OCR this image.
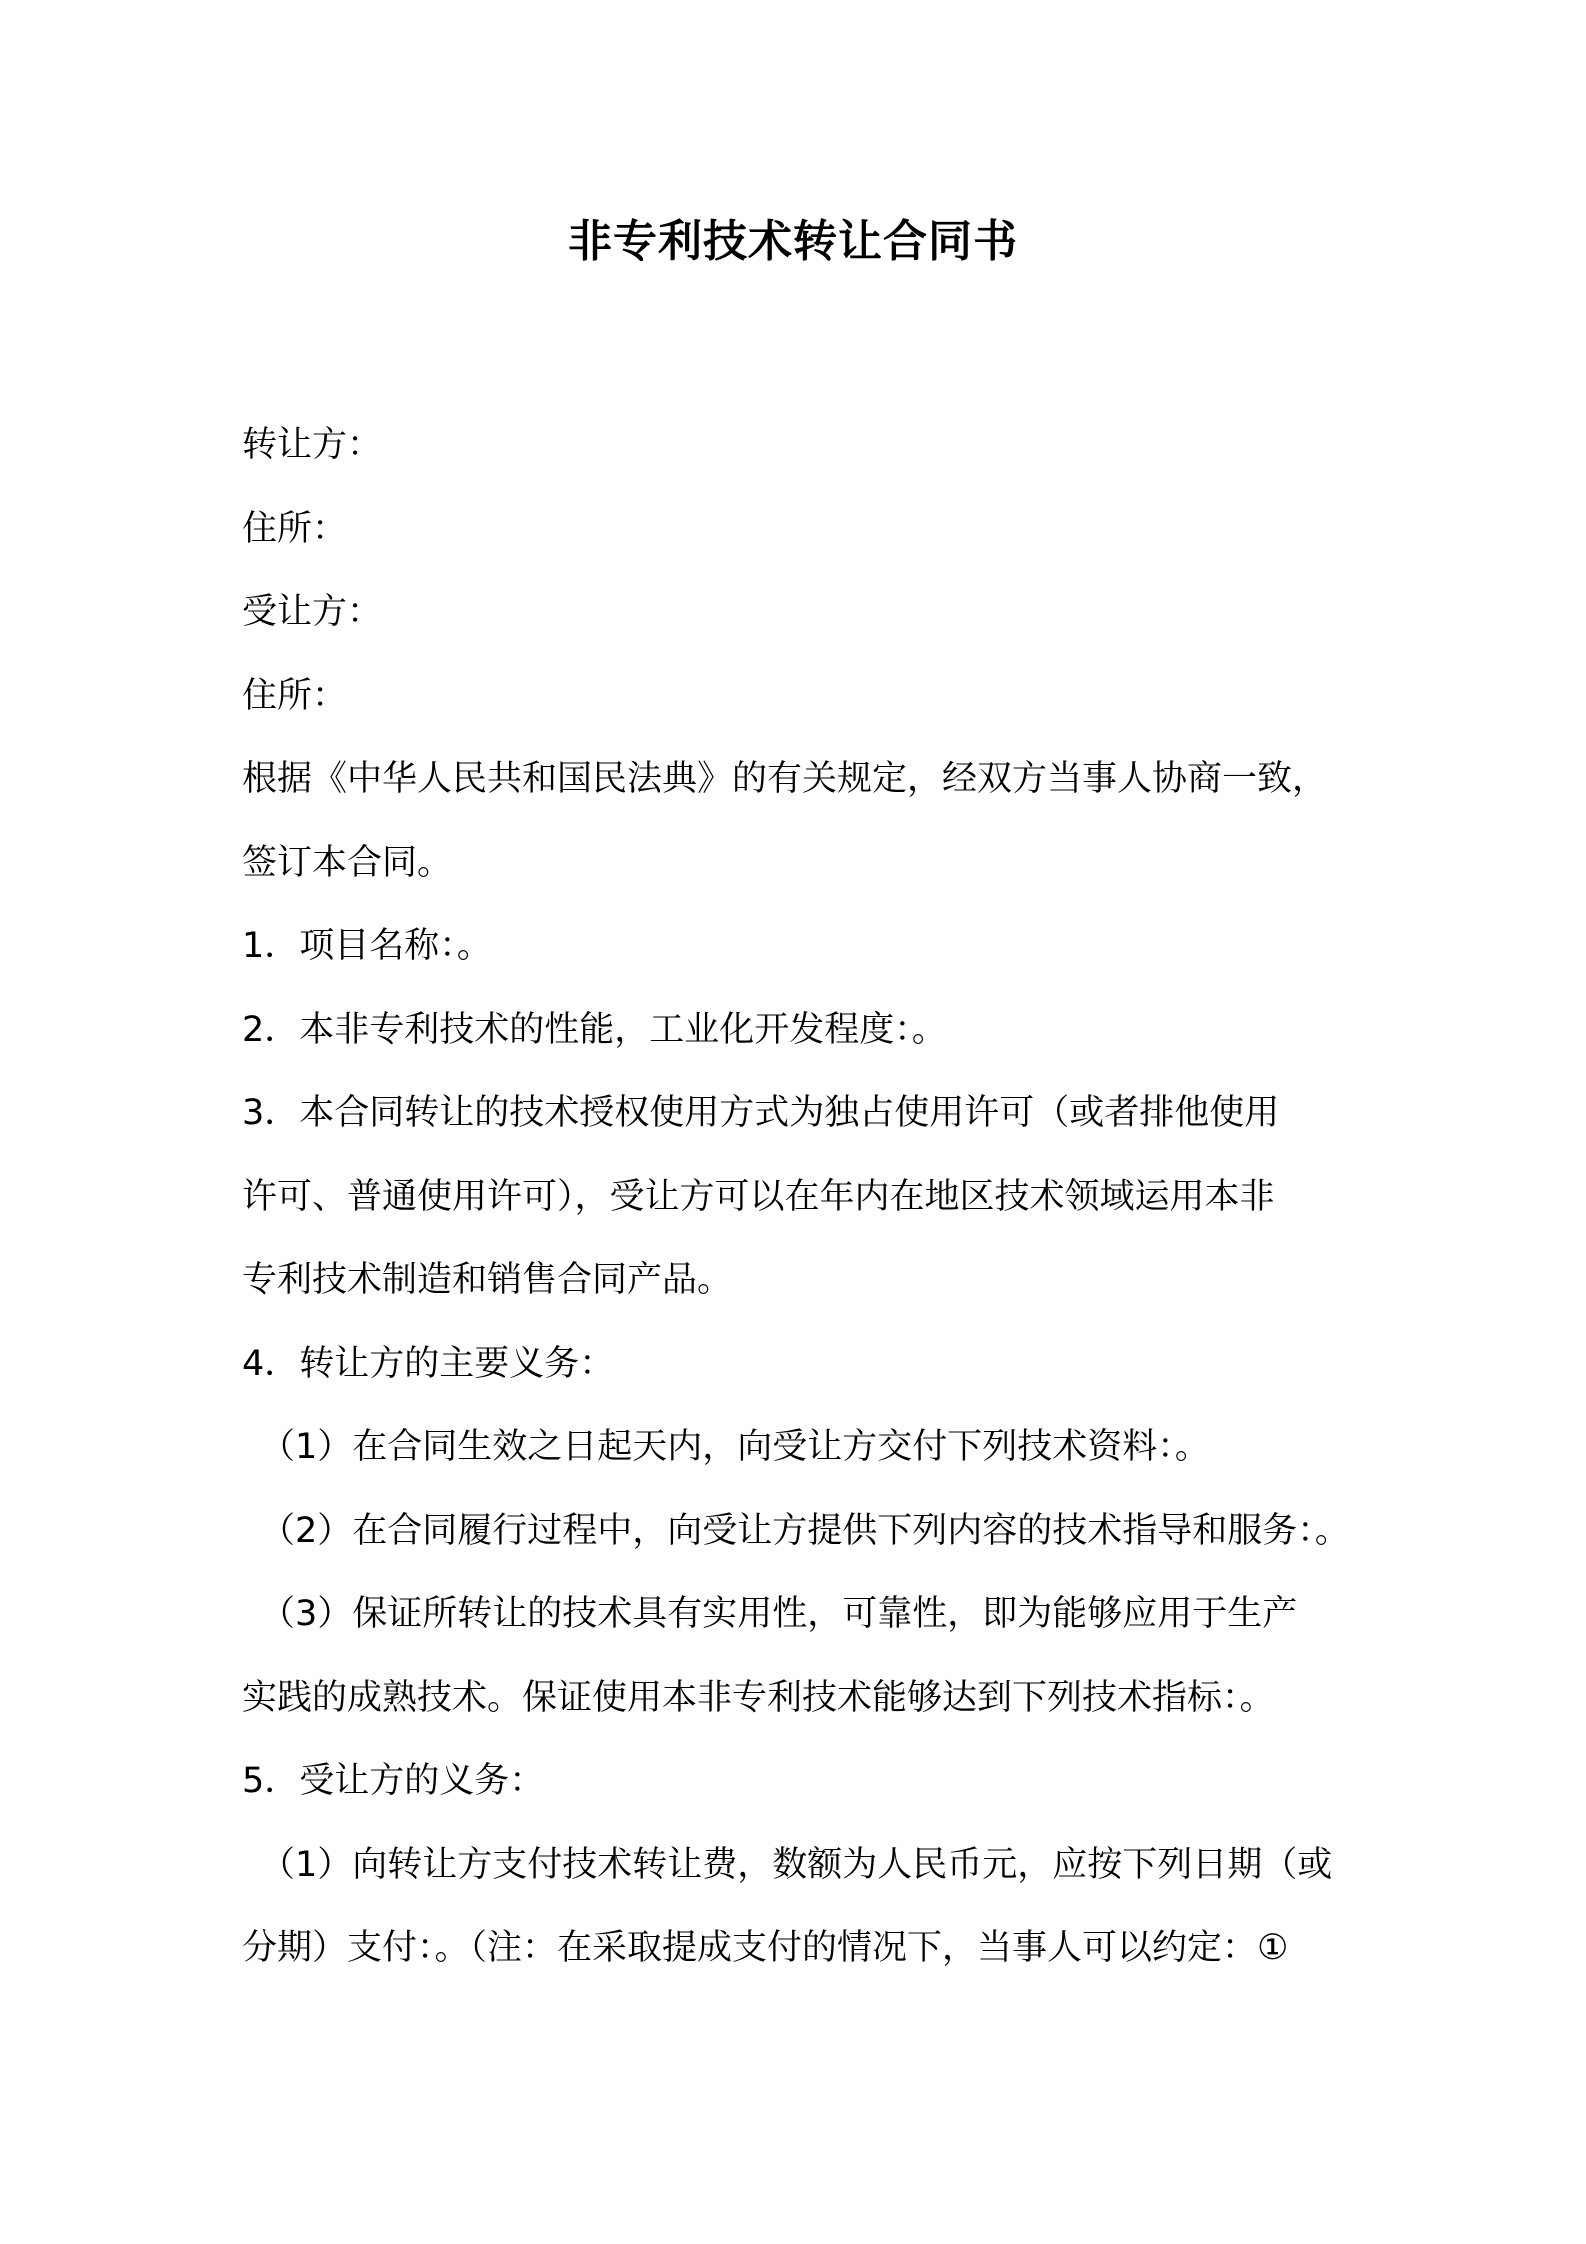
非专利技术转让合同书
转让方：
住所：
受让方：
住所：
根据《中华人民共和国民法典》的有关规定，经双方当事人协商一致，
签订本合同。
1．项目名称：。
2．本非专利技术的性能，工业化开发程度：。
3．本合同转让的技术授权使用方式为独占使用许可（或者排他使用
许可、普通使用许可），受让方可以在年内在地区技术领域运用本非
专利技术制造和销售合同产品。
4．转让方的主要义务：
（1）在合同生效之日起天内，向受让方交付下列技术资料：。
（2）在合同履行过程中，向受让方提供下列内容的技术指导和服务：。
（3）保证所转让的技术具有实用性，可靠性，即为能够应用于生产
实践的成熟技术。保证使用本非专利技术能够达到下列技术指标：。
5．受让方的义务：
（1）向转让方支付技术转让费，数额为人民币元，应按下列日期（或
分期）支付：。（注：在采取提成支付的情况下，当事人可以约定：①
